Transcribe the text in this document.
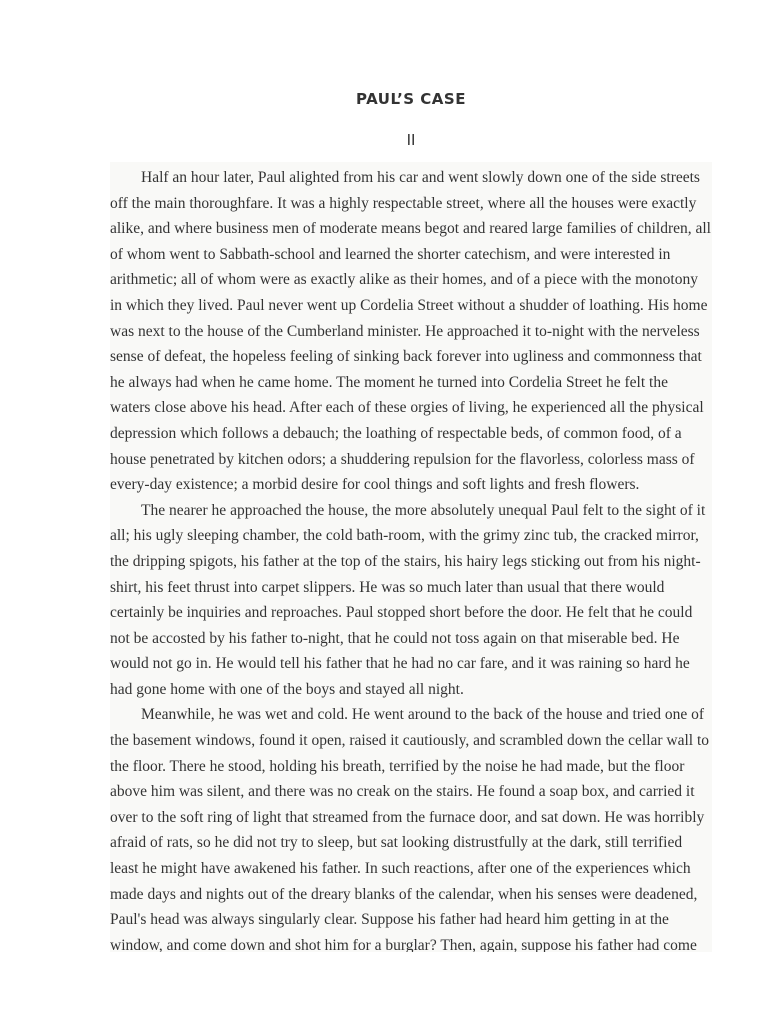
PAUL’S CASE
II

Half an hour later, Paul alighted from his car and went slowly down one of the side streets off the main thoroughfare. It was a highly respectable street, where all the houses were exactly alike, and where business men of moderate means begot and reared large families of children, all of whom went to Sabbath-school and learned the shorter catechism, and were interested in arithmetic; all of whom were as exactly alike as their homes, and of a piece with the monotony in which they lived. Paul never went up Cordelia Street without a shudder of loathing. His home was next to the house of the Cumberland minister. He approached it to-night with the nerveless sense of defeat, the hopeless feeling of sinking back forever into ugliness and commonness that he always had when he came home. The moment he turned into Cordelia Street he felt the waters close above his head. After each of these orgies of living, he experienced all the physical depression which follows a debauch; the loathing of respectable beds, of common food, of a house penetrated by kitchen odors; a shuddering repulsion for the flavorless, colorless mass of every-day existence; a morbid desire for cool things and soft lights and fresh flowers.

The nearer he approached the house, the more absolutely unequal Paul felt to the sight of it all; his ugly sleeping chamber, the cold bath-room, with the grimy zinc tub, the cracked mirror, the dripping spigots, his father at the top of the stairs, his hairy legs sticking out from his night-shirt, his feet thrust into carpet slippers. He was so much later than usual that there would certainly be inquiries and reproaches. Paul stopped short before the door. He felt that he could not be accosted by his father to-night, that he could not toss again on that miserable bed. He would not go in. He would tell his father that he had no car fare, and it was raining so hard he had gone home with one of the boys and stayed all night.

Meanwhile, he was wet and cold. He went around to the back of the house and tried one of the basement windows, found it open, raised it cautiously, and scrambled down the cellar wall to the floor. There he stood, holding his breath, terrified by the noise he had made, but the floor above him was silent, and there was no creak on the stairs. He found a soap box, and carried it over to the soft ring of light that streamed from the furnace door, and sat down. He was horribly afraid of rats, so he did not try to sleep, but sat looking distrustfully at the dark, still terrified least he might have awakened his father. In such reactions, after one of the experiences which made days and nights out of the dreary blanks of the calendar, when his senses were deadened, Paul's head was always singularly clear. Suppose his father had heard him getting in at the window, and come down and shot him for a burglar? Then, again, suppose his father had come
